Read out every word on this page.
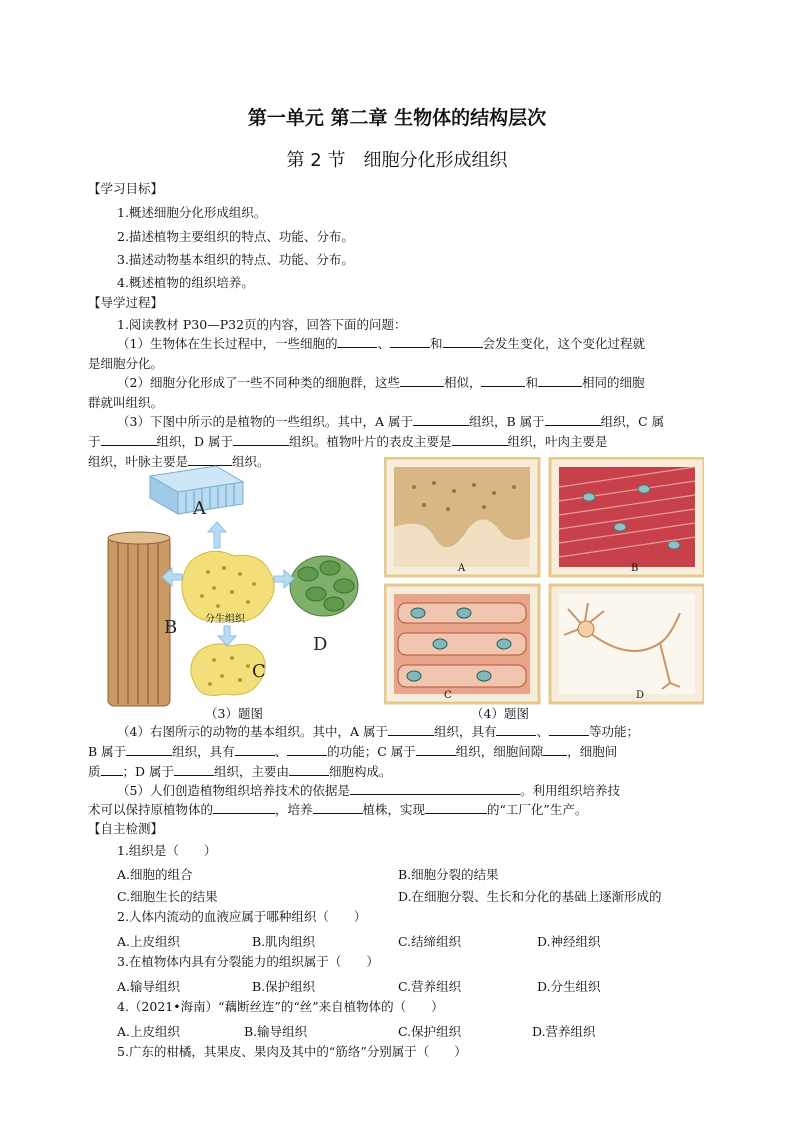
第一单元 第二章 生物体的结构层次
第 2 节　细胞分化形成组织
【学习目标】
1.概述细胞分化形成组织。
2.描述植物主要组织的特点、功能、分布。
3.描述动物基本组织的特点、功能、分布。
4.概述植物的组织培养。
【导学过程】
1.阅读教材 P30—P32页的内容，回答下面的问题：
（1）生物体在生长过程中，一些细胞的	、	和	会发生变化，这个变化过程就
是细胞分化。
（2）细胞分化形成了一些不同种类的细胞群，这些	相似，	和	相同的细胞
群就叫组织。
（3）下图中所示的是植物的一些组织。其中，A 属于	组织，B 属于	组织，C 属
于	组织，D 属于	组织。植物叶片的表皮主要是	组织，叶肉主要是
组织，叶脉主要是	组织。
A
B
C
D
分生组织
（3）题图
A	B
C	D
（4）题图
（4）右图所示的动物的基本组织。其中，A 属于	组织，具有	、	等功能；
B 属于	组织，具有	、	的功能；C 属于	组织，细胞间隙 ，细胞间
质 ；D 属于	组织，主要由	细胞构成。
（5）人们创造植物组织培养技术的依据是	。利用组织培养技
术可以保持原植物体的	，培养	植株，实现	的“工厂化”生产。
【自主检测】
1.组织是（　　）
A.细胞的组合	B.细胞分裂的结果
C.细胞生长的结果	D.在细胞分裂、生长和分化的基础上逐渐形成的
2.人体内流动的血液应属于哪种组织（　　）
A.上皮组织	B.肌肉组织	C.结缔组织	D.神经组织
3.在植物体内具有分裂能力的组织属于（　　）
A.输导组织	B.保护组织	C.营养组织	D.分生组织
4.（2021•海南）“藕断丝连”的“丝”来自植物体的（　　）
A.上皮组织	B.输导组织	C.保护组织	D.营养组织
5.广东的柑橘，其果皮、果肉及其中的“筋络”分别属于（　　）
